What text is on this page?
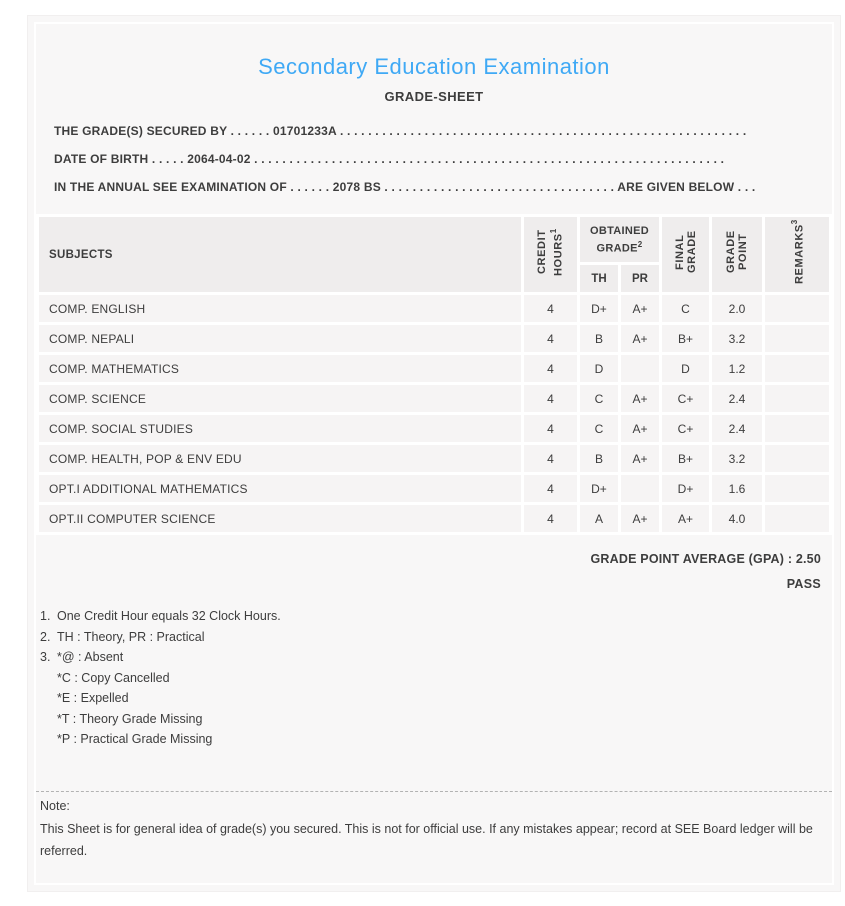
Secondary Education Examination
GRADE-SHEET
THE GRADE(S) SECURED BY . . . . . . 01701233A . . . . . . . . . . . . . . . . . . . . . . . . . . . . . . . . . . . . . . . . . . . . . . . . . . . . . . . . . .
DATE OF BIRTH . . . . . 2064-04-02 . . . . . . . . . . . . . . . . . . . . . . . . . . . . . . . . . . . . . . . . . . . . . . . . . . . . . . . . . . . . . . . . . . .
IN THE ANNUAL SEE EXAMINATION OF . . . . . . 2078 BS . . . . . . . . . . . . . . . . . . . . . . . . . . . . . . . . . ARE GIVEN BELOW . . .
SUBJECTS	CREDIT HOURS$^1$	OBTAINED GRADE$^2$		FINAL GRADE	GRADE POINT	REMARKS$^3$
		TH	PR			
COMP. ENGLISH	4	D+	A+	C	2.0	
COMP. NEPALI	4	B	A+	B+	3.2	
COMP. MATHEMATICS	4	D		D	1.2	
COMP. SCIENCE	4	C	A+	C+	2.4	
COMP. SOCIAL STUDIES	4	C	A+	C+	2.4	
COMP. HEALTH, POP & ENV EDU	4	B	A+	B+	3.2	
OPT.I ADDITIONAL MATHEMATICS	4	D+		D+	1.6	
OPT.II COMPUTER SCIENCE	4	A	A+	A+	4.0	
GRADE POINT AVERAGE (GPA) : 2.50
PASS
1. One Credit Hour equals 32 Clock Hours.
2. TH : Theory, PR : Practical
3. *@ : Absent
*C : Copy Cancelled
*E : Expelled
*T : Theory Grade Missing
*P : Practical Grade Missing
Note:
This Sheet is for general idea of grade(s) you secured. This is not for official use. If any mistakes appear; record at SEE Board ledger will be referred.
